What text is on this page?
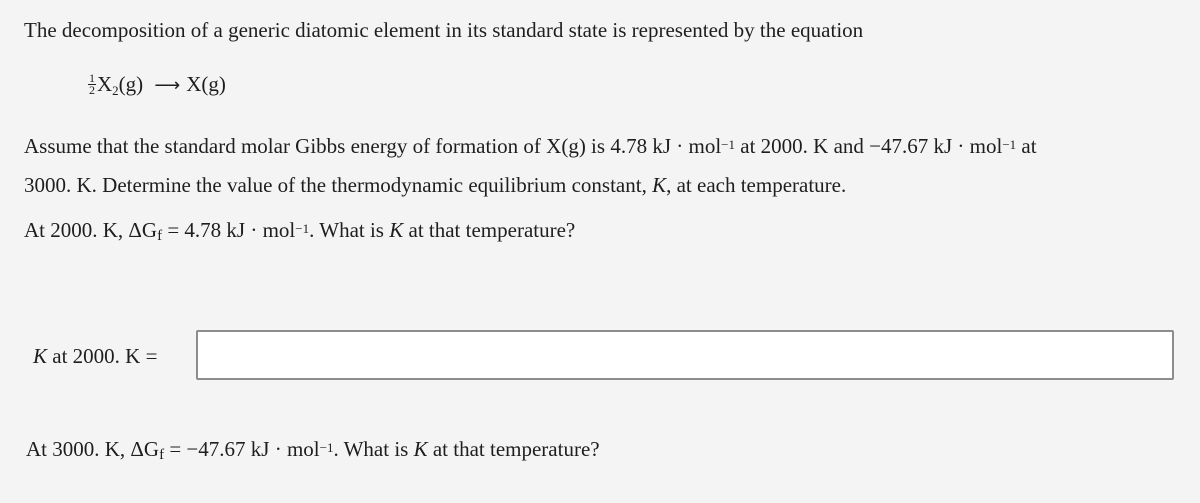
The decomposition of a generic diatomic element in its standard state is represented by the equation
$\frac{1}{2} X_2(g)$ ⟶ X(g)
Assume that the standard molar Gibbs energy of formation of X(g) is 4.78 kJ · mol$^{-1}$ at 2000. K and −47.67 kJ · mol$^{-1}$ at
3000. K. Determine the value of the thermodynamic equilibrium constant, K, at each temperature.
At 2000. K, ΔGf = 4.78 kJ · mol$^{-1}$. What is K at that temperature?
K at 2000. K =
At 3000. K, ΔGf = −47.67 kJ · mol$^{-1}$. What is K at that temperature?
